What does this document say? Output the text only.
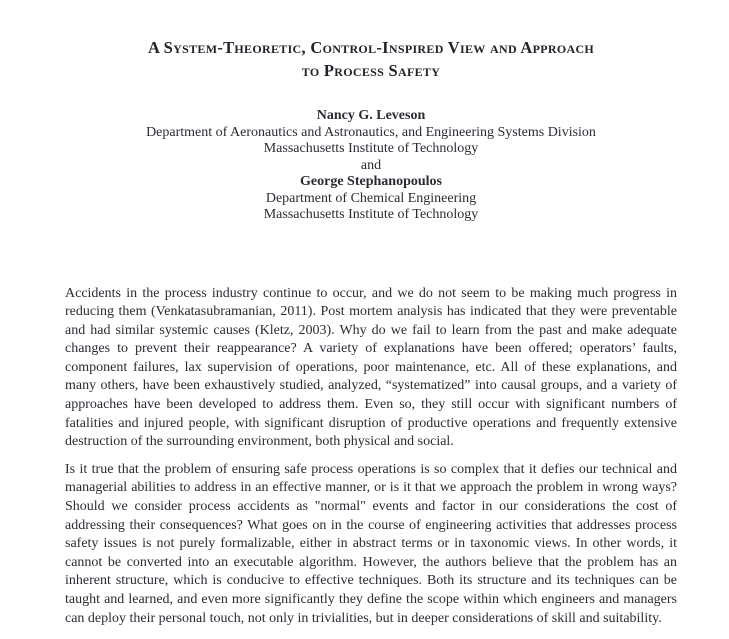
A System-Theoretic, Control-Inspired View and Approach
to Process Safety
Nancy G. Leveson
Department of Aeronautics and Astronautics, and Engineering Systems Division
Massachusetts Institute of Technology
and
George Stephanopoulos
Department of Chemical Engineering
Massachusetts Institute of Technology

Accidents in the process industry continue to occur, and we do not seem to be making much progress in reducing them (Venkatasubramanian, 2011). Post mortem analysis has indicated that they were preventable and had similar systemic causes (Kletz, 2003). Why do we fail to learn from the past and make adequate changes to prevent their reappearance? A variety of explanations have been offered; operators’ faults, component failures, lax supervision of operations, poor maintenance, etc. All of these explanations, and many others, have been exhaustively studied, analyzed, “systematized” into causal groups, and a variety of approaches have been developed to address them. Even so, they still occur with significant numbers of fatalities and injured people, with significant disruption of productive operations and frequently extensive destruction of the surrounding environment, both physical and social.

Is it true that the problem of ensuring safe process operations is so complex that it defies our technical and managerial abilities to address in an effective manner, or is it that we approach the problem in wrong ways? Should we consider process accidents as "normal" events and factor in our considerations the cost of addressing their consequences? What goes on in the course of engineering activities that addresses process safety issues is not purely formalizable, either in abstract terms or in taxonomic views. In other words, it cannot be converted into an executable algorithm. However, the authors believe that the problem has an inherent structure, which is conducive to effective techniques. Both its structure and its techniques can be taught and learned, and even more significantly they define the scope within which engineers and managers can deploy their personal touch, not only in trivialities, but in deeper considerations of skill and suitability.
